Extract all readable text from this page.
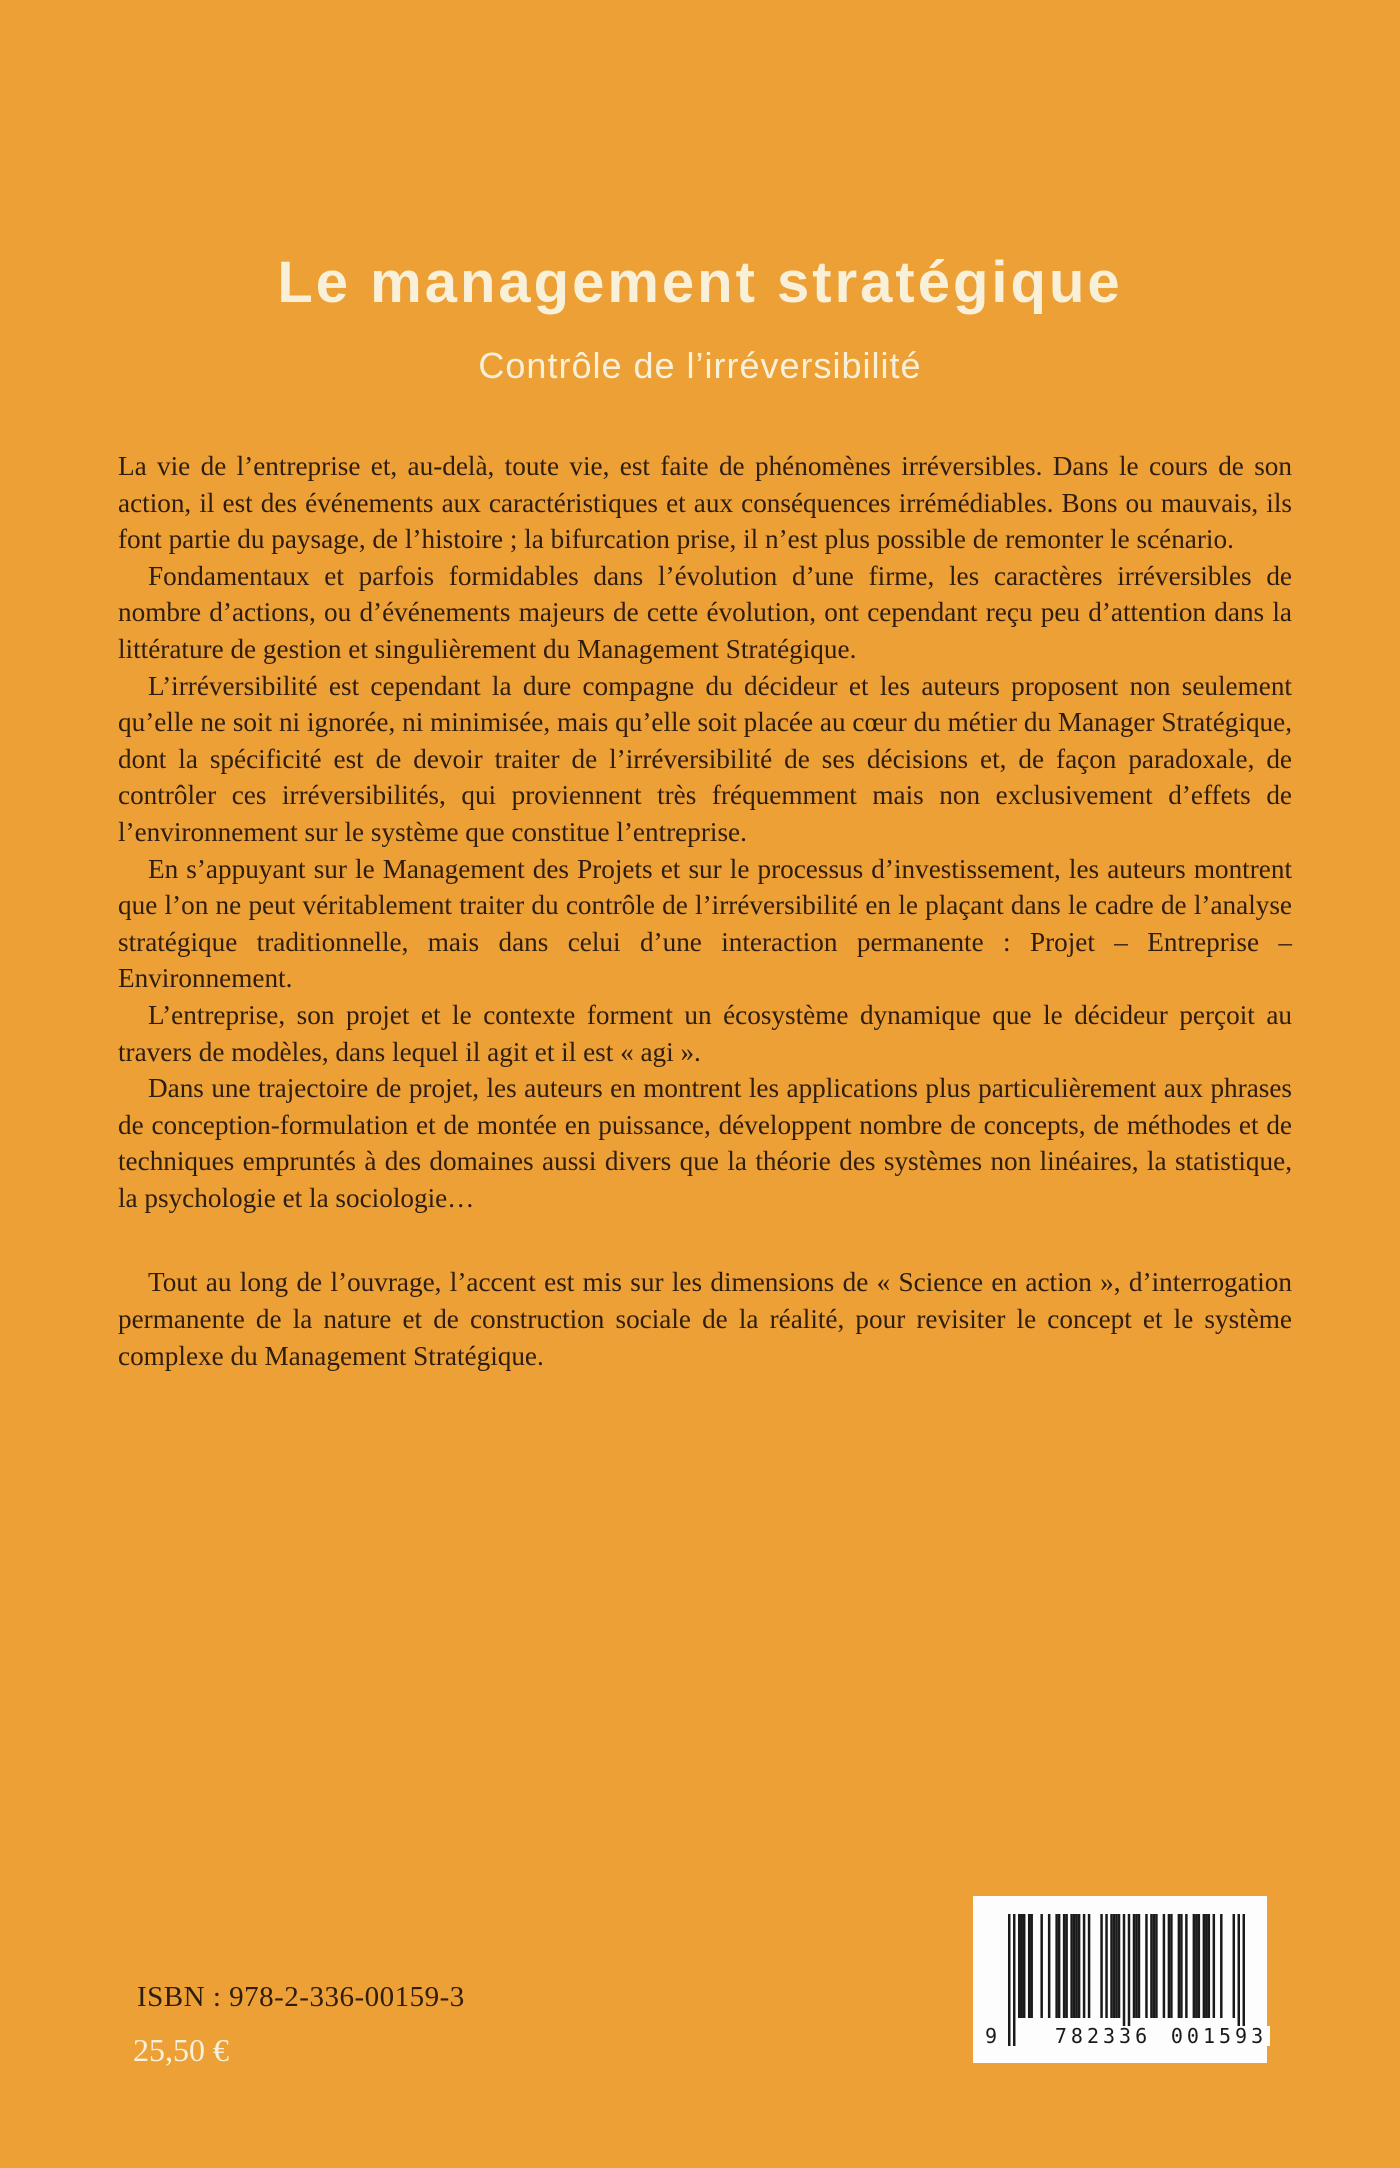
Le management stratégique
Contrôle de l’irréversibilité

La vie de l’entreprise et, au-delà, toute vie, est faite de phénomènes irréversibles. Dans le cours de son action, il est des événements aux caractéristiques et aux conséquences irrémédiables. Bons ou mauvais, ils font partie du paysage, de l’histoire ; la bifurcation prise, il n’est plus possible de remonter le scénario.

Fondamentaux et parfois formidables dans l’évolution d’une firme, les caractères irréversibles de nombre d’actions, ou d’événements majeurs de cette évolution, ont cependant reçu peu d’attention dans la littérature de gestion et singulièrement du Management Stratégique.

L’irréversibilité est cependant la dure compagne du décideur et les auteurs proposent non seulement qu’elle ne soit ni ignorée, ni minimisée, mais qu’elle soit placée au cœur du métier du Manager Stratégique, dont la spécificité est de devoir traiter de l’irréversibilité de ses décisions et, de façon paradoxale, de contrôler ces irréversibilités, qui proviennent très fréquemment mais non exclusivement d’effets de l’environnement sur le système que constitue l’entreprise.

En s’appuyant sur le Management des Projets et sur le processus d’investissement, les auteurs montrent que l’on ne peut véritablement traiter du contrôle de l’irréversibilité en le plaçant dans le cadre de l’analyse stratégique traditionnelle, mais dans celui d’une interaction permanente : Projet – Entreprise – Environnement.

L’entreprise, son projet et le contexte forment un écosystème dynamique que le décideur perçoit au travers de modèles, dans lequel il agit et il est « agi ».

Dans une trajectoire de projet, les auteurs en montrent les applications plus particulièrement aux phrases de conception-formulation et de montée en puissance, développent nombre de concepts, de méthodes et de techniques empruntés à des domaines aussi divers que la théorie des systèmes non linéaires, la statistique, la psychologie et la sociologie…

Tout au long de l’ouvrage, l’accent est mis sur les dimensions de « Science en action », d’interrogation permanente de la nature et de construction sociale de la réalité, pour revisiter le concept et le système complexe du Management Stratégique.

ISBN : 978-2-336-00159-3
25,50 €	9	782336 001593
